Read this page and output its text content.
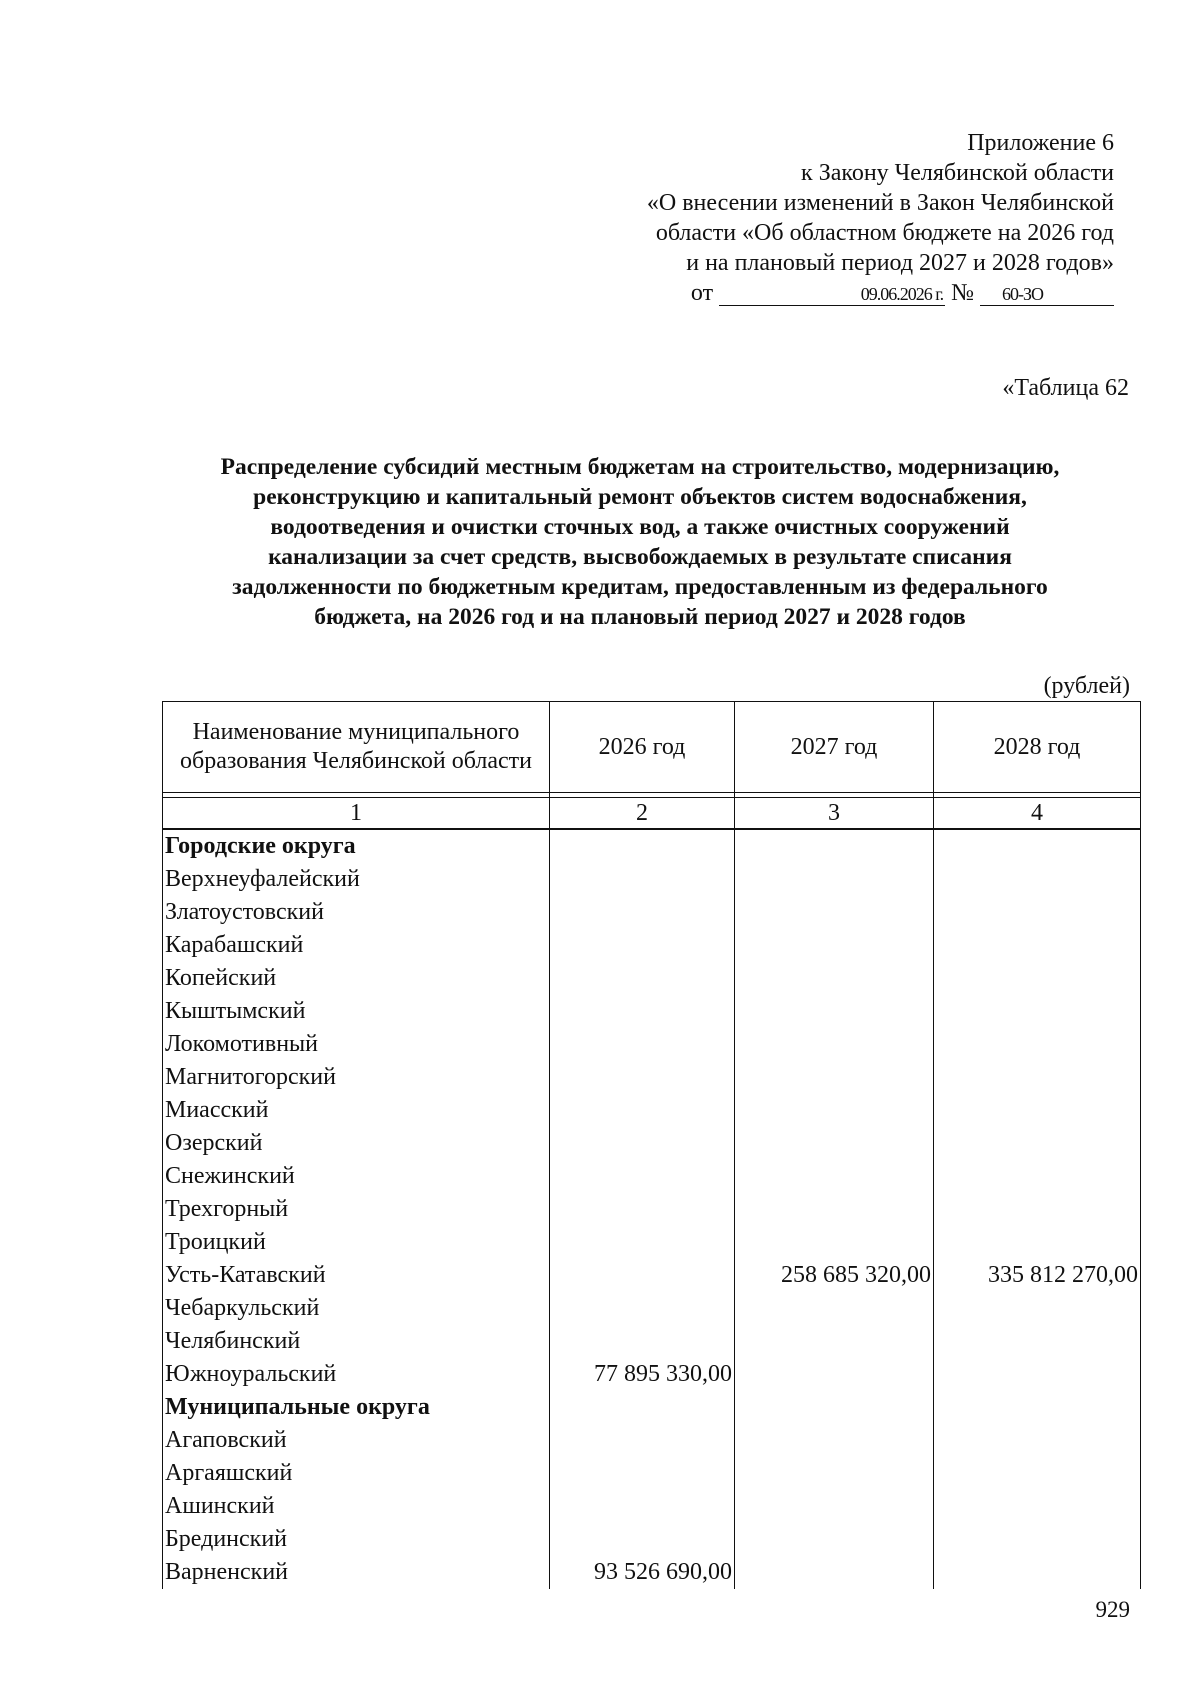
Приложение 6
к Закону Челябинской области
«О внесении изменений в Закон Челябинской
области «Об областном бюджете на 2026 год
и на плановый период 2027 и 2028 годов»
от	09.06.2026 г. № 60-ЗО
«Таблица 62
Распределение субсидий местным бюджетам на строительство, модернизацию,
реконструкцию и капитальный ремонт объектов систем водоснабжения,
водоотведения и очистки сточных вод, а также очистных сооружений
канализации за счет средств, высвобождаемых в результате списания
задолженности по бюджетным кредитам, предоставленным из федерального
бюджета, на 2026 год и на плановый период 2027 и 2028 годов
(рублей)
Наименование муниципального образования Челябинской области	2026 год	2027 год	2028 год

1	2	3	4
Городские округа			
Верхнеуфалейский			
Златоустовский			
Карабашский			
Копейский			
Кыштымский			
Локомотивный			
Магнитогорский			
Миасский			
Озерский			
Снежинский			
Трехгорный			
Троицкий			
Усть-Катавский		258 685 320,00	335 812 270,00
Чебаркульский			
Челябинский			
Южноуральский	77 895 330,00		
Муниципальные округа			
Агаповский			
Аргаяшский			
Ашинский			
Брединский			
Варненский	93 526 690,00		
929
